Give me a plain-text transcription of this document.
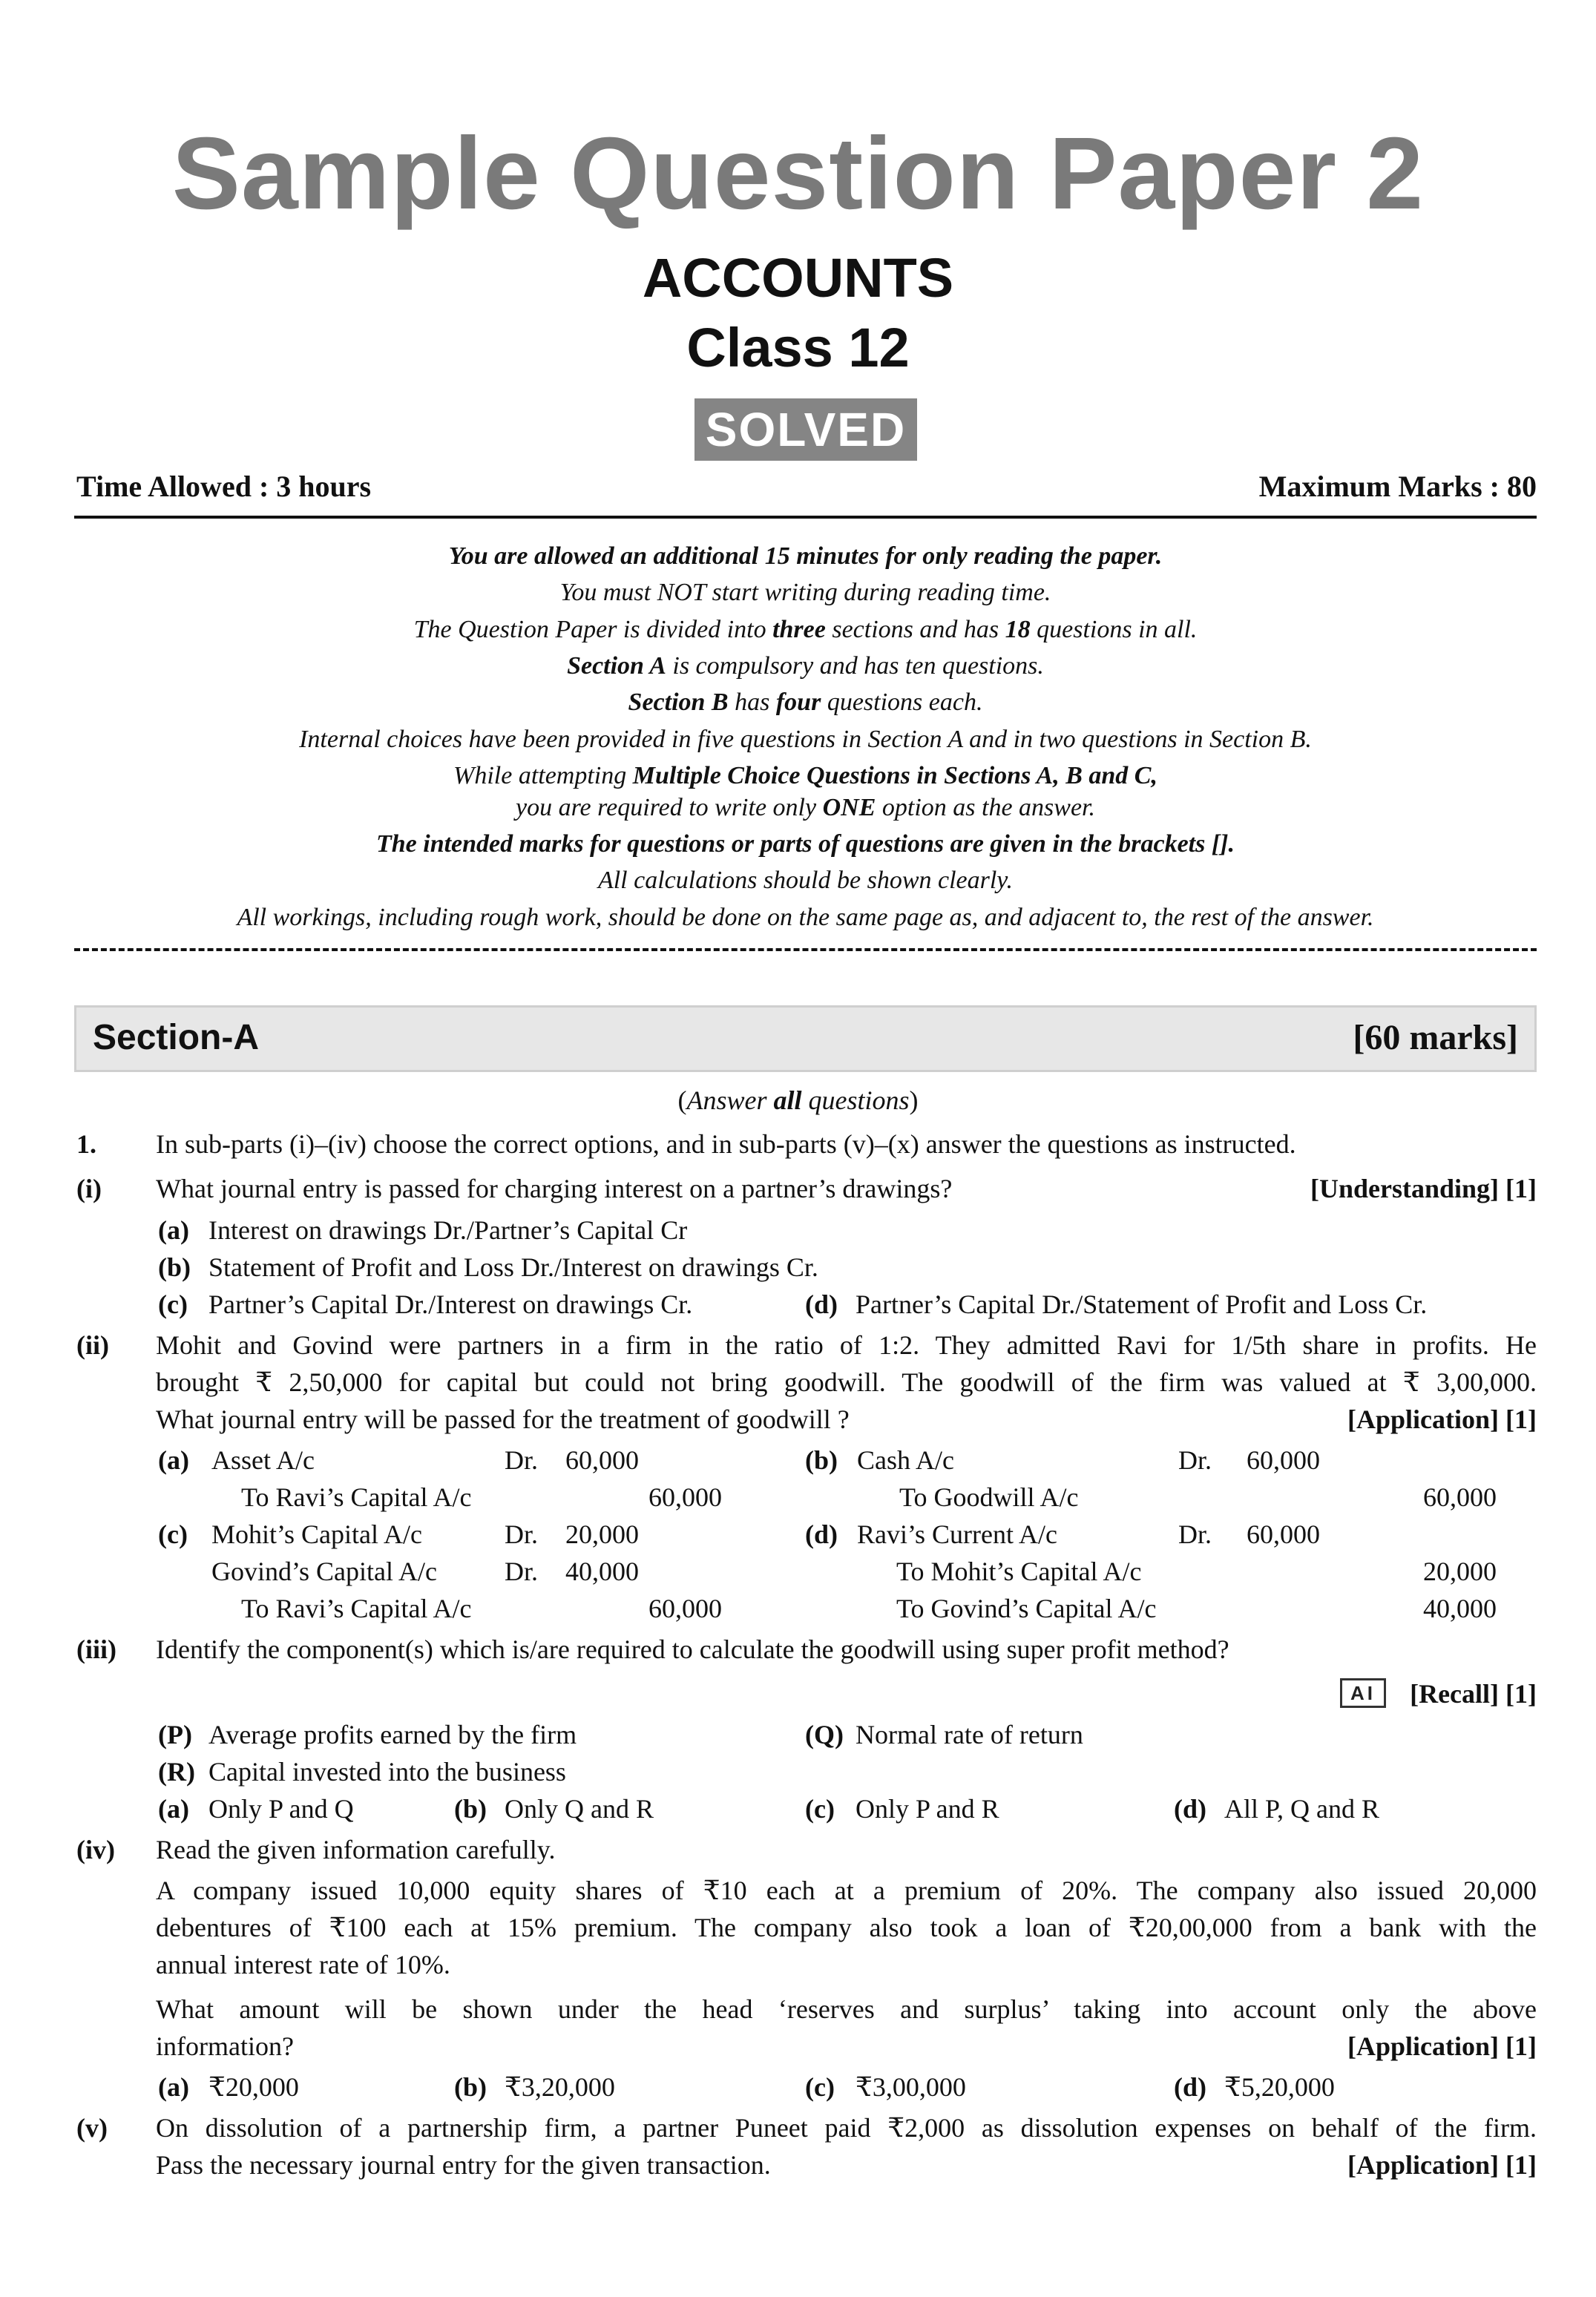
Sample Question Paper 2
ACCOUNTS
Class 12
SOLVED
Time Allowed : 3 hours	Maximum Marks : 80
You are allowed an additional 15 minutes for only reading the paper.
You must NOT start writing during reading time.
The Question Paper is divided into three sections and has 18 questions in all.
Section A is compulsory and has ten questions.
Section B has four questions each.
Internal choices have been provided in five questions in Section A and in two questions in Section B.
While attempting Multiple Choice Questions in Sections A, B and C,
you are required to write only ONE option as the answer.
The intended marks for questions or parts of questions are given in the brackets [].
All calculations should be shown clearly.
All workings, including rough work, should be done on the same page as, and adjacent to, the rest of the answer.
Section-A	[60 marks]
(Answer all questions)
1. In sub-parts (i)–(iv) choose the correct options, and in sub-parts (v)–(x) answer the questions as instructed.
(i) What journal entry is passed for charging interest on a partner’s drawings?	[Understanding] [1]
(a) Interest on drawings Dr./Partner’s Capital Cr
(b) Statement of Profit and Loss Dr./Interest on drawings Cr.
(c) Partner’s Capital Dr./Interest on drawings Cr.	(d) Partner’s Capital Dr./Statement of Profit and Loss Cr.
(ii) Mohit and Govind were partners in a firm in the ratio of 1:2. They admitted Ravi for 1/5th share in profits. He
brought ₹ 2,50,000 for capital but could not bring goodwill. The goodwill of the firm was valued at ₹ 3,00,000.
What journal entry will be passed for the treatment of goodwill ?	[Application] [1]
(a) Asset A/c	Dr. 60,000
To Ravi’s Capital A/c	60,000
(b) Cash A/c	Dr. 60,000
To Goodwill A/c	60,000
(c) Mohit’s Capital A/c	Dr. 20,000
Govind’s Capital A/c	Dr. 40,000
To Ravi’s Capital A/c	60,000
(d) Ravi’s Current A/c	Dr. 60,000
To Mohit’s Capital A/c	20,000
To Govind’s Capital A/c	40,000
(iii) Identify the component(s) which is/are required to calculate the goodwill using super profit method?
AI	[Recall] [1]
(P) Average profits earned by the firm	(Q) Normal rate of return
(R) Capital invested into the business
(a) Only P and Q	(b) Only Q and R	(c) Only P and R	(d) All P, Q and R
(iv) Read the given information carefully.
A company issued 10,000 equity shares of ₹10 each at a premium of 20%. The company also issued 20,000
debentures of ₹100 each at 15% premium. The company also took a loan of ₹20,00,000 from a bank with the
annual interest rate of 10%.
What amount will be shown under the head ‘reserves and surplus’ taking into account only the above
information?	[Application] [1]
(a) ₹20,000	(b) ₹3,20,000	(c) ₹3,00,000	(d) ₹5,20,000
(v) On dissolution of a partnership firm, a partner Puneet paid ₹2,000 as dissolution expenses on behalf of the firm.
Pass the necessary journal entry for the given transaction.	[Application] [1]
